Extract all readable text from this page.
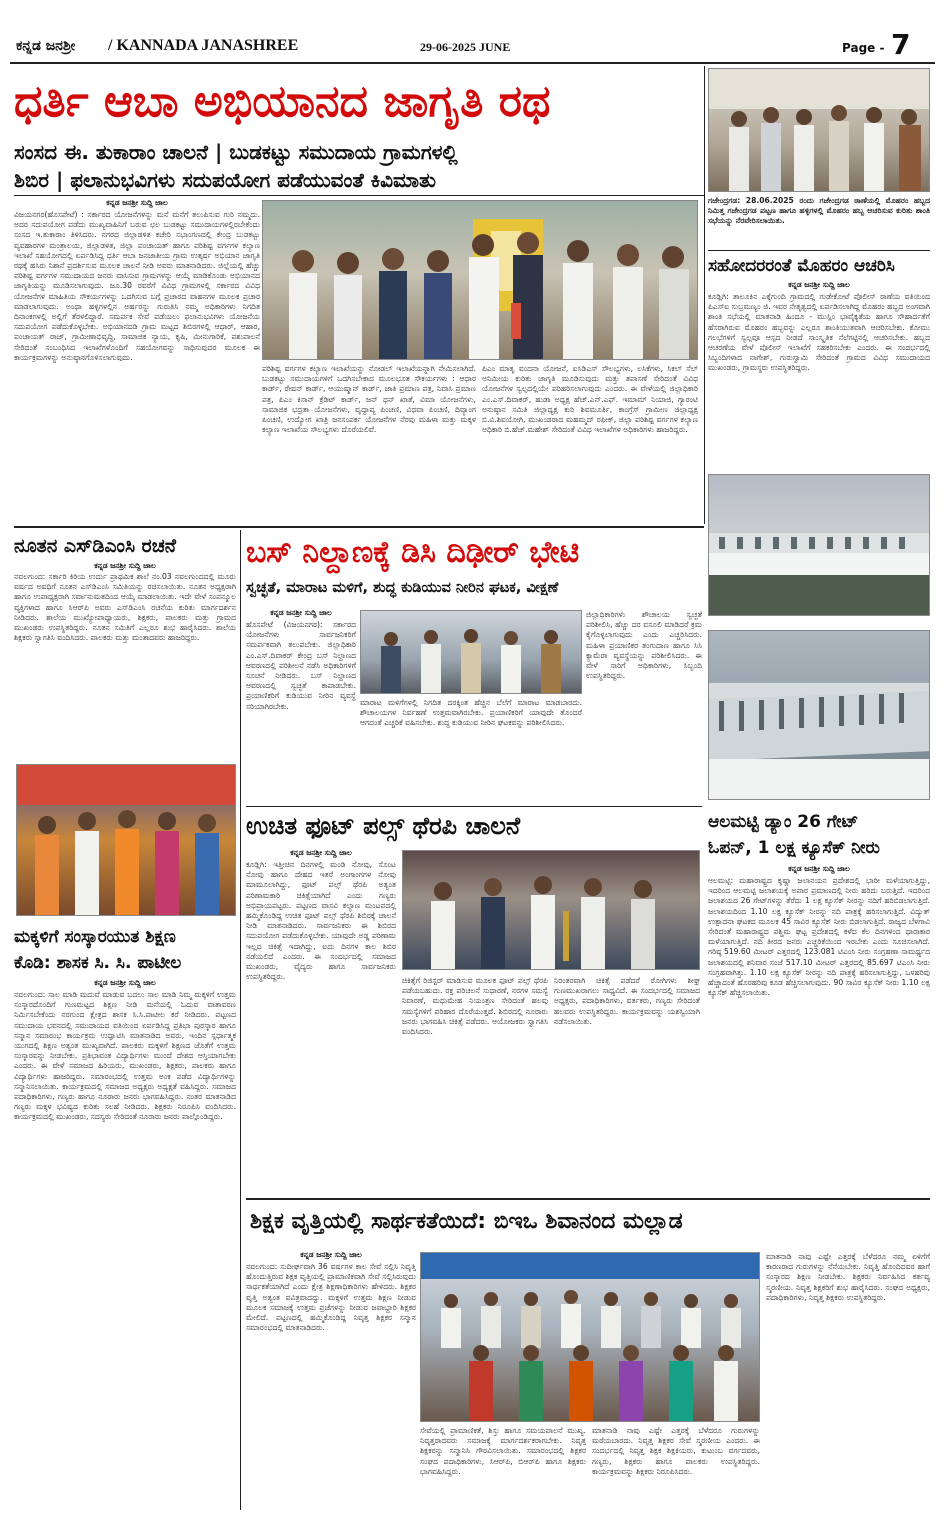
ಕನ್ನಡ ಜನಶ್ರೀ / KANNADA JANASHREE	29-06-2025 JUNE	Page - 7
ಧರ್ತಿ ಆಬಾ ಅಭಿಯಾನದ ಜಾಗೃತಿ ರಥ
ಸಂಸದ ಈ. ತುಕಾರಾಂ ಚಾಲನೆ | ಬುಡಕಟ್ಟು ಸಮುದಾಯ ಗ್ರಾಮಗಳಲ್ಲಿ
ಶಿಬಿರ | ಫಲಾನುಭವಿಗಳು ಸದುಪಯೋಗ ಪಡೆಯುವಂತೆ ಕಿವಿಮಾತು
ಕನ್ನಡ ಜನಶ್ರೀ ಸುದ್ದಿ ಜಾಲ
ವಿಜಯನಗರ(ಹೊಸಪೇಟೆ) : ಸರ್ಕಾರದ ಯೋಜನೆಗಳನ್ನು ಮನೆ ಮನೆಗೆ ತಲುಪಿಸುವ ಗುರಿ ನಮ್ಮದು. ಅದರ ಸದುಪಯೋಗ ಪಡೆದು ಮುಖ್ಯವಾಹಿನಿಗೆ ಬರುವ ಛಲ ಬುಡಕಟ್ಟು ಸಮುದಾಯಗಳಲ್ಲಿರಬೇಕೆಂದು ಸಂಸದ ಇ.ತುಕಾರಾಂ ತಿಳಿಸಿದರು. ನಗರದ ಜಿಲ್ಲಾಡಳಿತ ಕಚೇರಿ ಸಭಾಂಗಣದಲ್ಲಿ ಕೇಂದ್ರ ಬುಡಕಟ್ಟು ವ್ಯವಹಾರಗಳ ಮಂತ್ರಾಲಯ, ಜಿಲ್ಲಾಡಳಿತ, ಜಿಲ್ಲಾ ಪಂಚಾಯತ್ ಹಾಗೂ ಪರಿಶಿಷ್ಟ ವರ್ಗಗಳ ಕಲ್ಯಾಣ ಇಲಾಖೆ ಸಹಯೋಗದಲ್ಲಿ ಏರ್ಪಡಿಸಿದ್ದ ಧರ್ತಿ ಆಬಾ ಜನಜಾತೀಯ ಗ್ರಾಮ ಉತ್ಕರ್ಷ ಅಭಿಯಾನ ಜಾಗೃತಿ ರಥಕ್ಕೆ ಹಸಿರು ನಿಶಾನೆ ಪ್ರದರ್ಶಿಸುವ ಮೂಲಕ ಚಾಲನೆ ನೀಡಿ ಅವರು ಮಾತನಾಡಿದರು. ಜಿಲ್ಲೆಯಲ್ಲಿ ಹೆಚ್ಚು ಪರಿಶಿಷ್ಟ ವರ್ಗಗಳ ಸಮುದಾಯದ ಜನರು ವಾಸಿಸುವ ಗ್ರಾಮಗಳನ್ನು ಆಯ್ಕೆ ಮಾಡಿಕೊಂಡು ಅಭಿಯಾನದ ಜಾಗೃತಿಯನ್ನು ಮೂಡಿಸಲಾಗುವುದು. ಜೂ.30 ರವರೆಗೆ ವಿವಿಧ ಗ್ರಾಮಗಳಲ್ಲಿ ಸರ್ಕಾರದ ವಿವಿಧ ಯೋಜನೆಗಳ ಮಾಹಿತಿಯ ಸೌಕರ್ಯಗಳನ್ನು ಒದಗಿಸುವ ಬಗ್ಗೆ ಪ್ರಚಾರದ ವಾಹನಗಳ ಮೂಲಕ ಪ್ರಚಾರ ಮಾಡಲಾಗುವುದು. ಅಂಥಾ ಹಳ್ಳಿಗಳಲ್ಲಿನ ಅರ್ಹರನ್ನು ಗುರುತಿಸಿ ನಮ್ಮ ಅಧಿಕಾರಿಗಳು ನಿಗದಿತ ದಿನಾಂಕಗಳಲ್ಲಿ ಅಲ್ಲಿಗೆ ತೆರಳಲಿದ್ದಾರೆ. ಸಮರ್ಪಕ ಸೇವೆ ಪಡೆಯಲು ಫಲಾನುಭವಿಗಳು ಯೋಜನೆಯ ಸದುಪಯೋಗ ಪಡೆದುಕೊಳ್ಳಬೇಕು. ಅಭಿಯಾನದಡಿ ಗ್ರಾಮ ಮಟ್ಟದ ಶಿಬಿರಗಳಲ್ಲಿ ಆಧಾರ್, ಆಹಾರ, ಪಂಚಾಯತ್ ರಾಜ್, ಗ್ರಾಮೀಣಾಭಿವೃದ್ಧಿ, ಸಾಮಾಜಿಕ ನ್ಯಾಯ, ಕೃಷಿ, ಮೀನುಗಾರಿಕೆ, ಪಶುಪಾಲನೆ ಸೇರಿದಂತೆ ಸಂಬಂಧಿಸಿದ ಇಲಾಖೆಗಳೊಂದಿಗೆ ಸಹಯೋಗವನ್ನು ಸಾಧಿಸುವುದರ ಮೂಲಕ ಈ ಕಾರ್ಯಕ್ರಮಗಳನ್ನು ಅನುಷ್ಠಾನಗೊಳಿಸಲಾಗುವುದು.
ಪರಿಶಿಷ್ಟ ವರ್ಗಗಳ ಕಲ್ಯಾಣ ಇಲಾಖೆಯನ್ನು ನೋಡಲ್ ಇಲಾಖೆಯನ್ನಾಗಿ ನೇಮಿಸಲಾಗಿದೆ. ಬುಡಕಟ್ಟು ಸಮುದಾಯಗಳಿಗೆ ಒದಗಿಸಬೇಕಾದ ಮೂಲಭೂತ ಸೌಕರ್ಯಗಳು : ಆಧಾರ ಕಾರ್ಡ್, ರೇಷನ್ ಕಾರ್ಡ್, ಆಯುಷ್ಮಾನ್ ಕಾರ್ಡ್, ಜಾತಿ ಪ್ರಮಾಣ ಪತ್ರ, ನಿವಾಸಿ ಪ್ರಮಾಣ ಪತ್ರ, ಪಿಎಂ ಕಿಸಾನ್ ಕ್ರೆಡಿಟ್ ಕಾರ್ಡ್, ಜನ್ ಧನ್ ಖಾತೆ, ವಿಮಾ ಯೋಜನೆಗಳು, ಸಾಮಾಜಿಕ ಭದ್ರತಾ ಯೋಜನೆಗಳು, ವೃದ್ಧಾಪ್ಯ ಪಿಂಚಣಿ, ವಿಧವಾ ಪಿಂಚಣಿ, ದಿವ್ಯಾಂಗ ಪಿಂಚಣಿ, ಉದ್ಯೋಗ ಖಾತ್ರಿ ಜನಸಂಪರ್ಕ ಯೋಜನೆಗಳ ನೆರವು ಮಹಿಳಾ ಮತ್ತು ಮಕ್ಕಳ ಕಲ್ಯಾಣ ಇಲಾಖೆಯ ಸೌಲಭ್ಯಗಳು ದೊರೆಯಲಿವೆ.
ಪಿಎಂ ಮಾತೃ ವಂದನಾ ಯೋಜನೆ, ಐಸಿಡಿಎಸ್ ಸೌಲಭ್ಯಗಳು, ಲಸಿಕೆಗಳು, ಸಿಕಲ್ ಸೆಲ್ ಅನಿಮೀಯ ಕುರಿತು ಜಾಗೃತಿ ಮೂಡಿಸುವುದು ಮತ್ತು ತಪಾಸಣೆ ಸೇರಿದಂತೆ ವಿವಿಧ ಯೋಜನೆಗಳ ಸ್ವಲ್ಪದಲ್ಲಿಯೇ ಪರಿಹರಿಸಲಾಗುವುದು ಎಂದರು. ಈ ವೇಳೆಯಲ್ಲಿ ಜಿಲ್ಲಾಧಿಕಾರಿ ಎಂ.ಎಸ್.ದಿವಾಕರ್, ಹುಡಾ ಅಧ್ಯಕ್ಷ ಹೆಚ್.ಎನ್.ಎಫ್. ಇಮಾಮ್ ನಿಯಾಜಿ, ಗ್ಯಾರಂಟಿ ಅನುಷ್ಠಾನ ಸಮಿತಿ ಜಿಲ್ಲಾಧ್ಯಕ್ಷ ಕುರಿ ಶಿವಮೂರ್ತಿ, ಕಾಂಗ್ರೆಸ್ ಗ್ರಾಮೀಣ ಜಿಲ್ಲಾಧ್ಯಕ್ಷ ಬಿ.ವಿ.ಶಿವಯೋಗಿ, ಮುಖಂಡರಾದ ಮಹಮ್ಮದ್ ರಫೀಕ್, ಜಿಲ್ಲಾ ಪರಿಶಿಷ್ಟ ವರ್ಗಗಳ ಕಲ್ಯಾಣ ಅಧಿಕಾರಿ ಬಿ.ಹೆಚ್.ಮಹೇಶ್ ಸೇರಿದಂತೆ ವಿವಿಧ ಇಲಾಖೆಗಳ ಅಧಿಕಾರಿಗಳು ಹಾಜರಿದ್ದರು.
ಗಜೇಂದ್ರಗಡ: 28.06.2025 ರಂದು ಗಜೇಂದ್ರಗಡ ಠಾಣೆಯಲ್ಲಿ ಮೊಹರಂ ಹಬ್ಬದ ನಿಮಿತ್ತ ಗಜೇಂದ್ರಗಡ ಪಟ್ಟಣ ಹಾಗೂ ಹಳ್ಳಿಗಳಲ್ಲಿ ಮೊಹರಂ ಹಬ್ಬ ಆಚರಿಸುವ ಕುರಿತು ಶಾಂತಿ ಸಭೆಯನ್ನು ನೆರವೇರಿಸಲಾಯಿತು.
ಸಹೋದರರಂತೆ ಮೊಹರಂ ಆಚರಿಸಿ
ಕನ್ನಡ ಜನಶ್ರೀ ಸುದ್ದಿ ಜಾಲ
ಕೂಡ್ಲಿಗಿ: ತಾಲೂಕಿನ ಎಕ್ಕೆಗುಂದಿ ಗ್ರಾಮದಲ್ಲಿ ಗುಡೇಕೋಟೆ ಪೊಲೀಸ್ ಠಾಣೆಯ ವತಿಯಿಂದ ಪಿಎಸ್ಐ ಸುಬ್ರಮಣ್ಯಂ ಜಿ. ಇವರ ನೇತೃತ್ವದಲ್ಲಿ ಏರ್ಪಡಿಸಲಾಗಿದ್ದ ಮೊಹರಂ ಹಬ್ಬದ ಅಂಗವಾಗಿ ಶಾಂತಿ ಸಭೆಯಲ್ಲಿ ಮಾತನಾಡಿ ಹಿಂದೂ - ಮುಸ್ಲಿಂ ಭಾವೈಕ್ಯತೆಯ ಹಾಗೂ ಸೌಹಾರ್ದತೆಗೆ ಹೆಸರಾಗಿರುವ ಮೊಹರಂ ಹಬ್ಬವನ್ನು ಎಲ್ಲರೂ ಶಾಂತಿಯುತವಾಗಿ ಆಚರಿಸಬೇಕು. ಕೋಮು ಗಲಭೆಗಳಿಗೆ ಸ್ವಲ್ಪವೂ ಆಸ್ಪದ ನೀಡದೆ ಸಾಂಸ್ಕೃತಿಕ ನೆಲೆಗಟ್ಟಿನಲ್ಲಿ ಆಚರಿಸಬೇಕು. ಹಬ್ಬದ ಆಚರಣೆಯ ವೇಳೆ ಪೊಲೀಸ್ ಇಲಾಖೆಗೆ ಸಹಕರಿಸಬೇಕು ಎಂದರು. ಈ ಸಂದರ್ಭದಲ್ಲಿ ಸಿಬ್ಬಂದಿಗಳಾದ ನಾಗೇಶ್, ಗುರುಸ್ವಾಮಿ ಸೇರಿದಂತೆ ಗ್ರಾಮದ ವಿವಿಧ ಸಮುದಾಯದ ಮುಖಂಡರು, ಗ್ರಾಮಸ್ಥರು ಉಪಸ್ಥಿತರಿದ್ದರು.
ಆಲಮಟ್ಟಿ ಡ್ಯಾಂ 26 ಗೇಟ್
ಓಪನ್, 1 ಲಕ್ಷ ಕ್ಯೂಸೆಕ್ ನೀರು
ಕನ್ನಡ ಜನಶ್ರೀ ಸುದ್ದಿ ಜಾಲ
ಆಲಮಟ್ಟಿ: ಮಹಾರಾಷ್ಟ್ರದ ಕೃಷ್ಣಾ ಜಲಾನಯನ ಪ್ರದೇಶದಲ್ಲಿ ಭಾರೀ ಮಳೆಯಾಗುತ್ತಿದ್ದು, ಇದರಿಂದ ಆಲಮಟ್ಟಿ ಜಲಾಶಯಕ್ಕೆ ಅಪಾರ ಪ್ರಮಾಣದಲ್ಲಿ ನೀರು ಹರಿದು ಬರುತ್ತಿದೆ. ಇದರಿಂದ ಜಲಾಶಯದ 26 ಗೇಟ್‌ಗಳನ್ನು ತೆರೆದು 1 ಲಕ್ಷ ಕ್ಯೂಸೆಕ್ ನೀರನ್ನು ನದಿಗೆ ಹರಿಬಿಡಲಾಗುತ್ತಿದೆ. ಜಲಾಶಯದಿಂದ 1.10 ಲಕ್ಷ ಕ್ಯೂಸೆಕ್ ನೀರನ್ನು ನದಿ ಪಾತ್ರಕ್ಕೆ ಹರಿಸಲಾಗುತ್ತಿದೆ. ವಿದ್ಯುತ್ ಉತ್ಪಾದನಾ ಘಟಕದ ಮೂಲಕ 45 ಸಾವಿರ ಕ್ಯೂಸೆಕ್ ನೀರು ಬಿಡಲಾಗುತ್ತಿದೆ. ರಾಜ್ಯದ ಬೆಳಗಾವಿ ಸೇರಿದಂತೆ ಮಹಾರಾಷ್ಟ್ರದ ಪಶ್ಚಿಮ ಘಟ್ಟ ಪ್ರದೇಶದಲ್ಲಿ ಕಳೆದ ಕೆಲ ದಿನಗಳಿಂದ ಧಾರಾಕಾರ ಮಳೆಯಾಗುತ್ತಿದೆ. ನದಿ ತೀರದ ಜನರು ಎಚ್ಚರಿಕೆಯಿಂದ ಇರಬೇಕು ಎಂದು ಸೂಚಿಸಲಾಗಿದೆ. ಗರಿಷ್ಠ 519.60 ಮೀಟರ್ ಎತ್ತರದಲ್ಲಿ 123.081 ಟಿಎಂಸಿ ನೀರು ಸಂಗ್ರಹಣಾ ಸಾಮರ್ಥ್ಯದ ಜಲಾಶಯದಲ್ಲಿ ಶನಿವಾರ ಸಂಜೆ 517.10 ಮೀಟರ್ ಎತ್ತರದಲ್ಲಿ 85.697 ಟಿಎಂಸಿ ನೀರು ಸಂಗ್ರಹವಾಗಿತ್ತು. 1.10 ಲಕ್ಷ ಕ್ಯೂಸೆಕ್ ನೀರನ್ನು ನದಿ ಪಾತ್ರಕ್ಕೆ ಹರಿಸಲಾಗುತ್ತಿದ್ದು, ಒಳಹರಿವು ಹೆಚ್ಚಾದಂತೆ ಹೊರಹರಿವು ಕೂಡ ಹೆಚ್ಚಿಸಲಾಗುವುದು. 90 ಸಾವಿರ ಕ್ಯೂಸೆಕ್ ನೀರು 1.10 ಲಕ್ಷ ಕ್ಯೂಸೆಕ್ ಹೆಚ್ಚಿಸಲಾಯಿತು.
ನೂತನ ಎಸ್‌ಡಿಎಂಸಿ ರಚನೆ
ಕನ್ನಡ ಜನಶ್ರೀ ಸುದ್ದಿ ಜಾಲ
ನವಲಗುಂದ: ಸರ್ಕಾರಿ ಕಿರಿಯ ಉರ್ದು ಪ್ರಾಥಮಿಕ ಶಾಲೆ ನಂ.03 ನವಲಗುಂದದಲ್ಲಿ ಮೂರು ವರ್ಷದ ಅವಧಿಗೆ ನೂತನ ಎಸ್‌ಡಿಎಂಸಿ ಸಮಿತಿಯನ್ನು ರಚಿಸಲಾಯಿತು. ನೂತನ ಅಧ್ಯಕ್ಷರಾಗಿ ಹಾಗೂ ಉಪಾಧ್ಯಕ್ಷರಾಗಿ ಸರ್ವಾನುಮತದಿಂದ ಆಯ್ಕೆ ಮಾಡಲಾಯಿತು. ಇದೇ ವೇಳೆ ಸಂಪನ್ಮೂಲ ವ್ಯಕ್ತಿಗಳಾದ ಹಾಗೂ ಸಿಆರ್‌ಪಿ ಅವರು ಎಸ್‌ಡಿಎಂಸಿ ರಚನೆಯ ಕುರಿತು ಮಾರ್ಗದರ್ಶನ ನೀಡಿದರು. ಶಾಲೆಯ ಮುಖ್ಯೋಪಾಧ್ಯಾಯರು, ಶಿಕ್ಷಕರು, ಪಾಲಕರು ಮತ್ತು ಗ್ರಾಮದ ಮುಖಂಡರು ಉಪಸ್ಥಿತರಿದ್ದರು. ನೂತನ ಸಮಿತಿಗೆ ಎಲ್ಲರೂ ಶುಭ ಹಾರೈಸಿದರು. ಶಾಲೆಯ ಶಿಕ್ಷಕರು ಸ್ವಾಗತಿಸಿ ವಂದಿಸಿದರು. ಪಾಲಕರು ಮತ್ತು ಮಂತಾದವರು ಹಾಜರಿದ್ದರು.
ಮಕ್ಕಳಿಗೆ ಸಂಸ್ಕಾರಯುತ ಶಿಕ್ಷಣ
ಕೊಡಿ: ಶಾಸಕ ಸಿ. ಸಿ. ಪಾಟೀಲ
ಕನ್ನಡ ಜನಶ್ರೀ ಸುದ್ದಿ ಜಾಲ
ನವಲಗುಂದ: ಸಾಲ ಮಾಡಿ ಮದುವೆ ಮಾಡುವ ಬದಲು ಸಾಲ ಮಾಡಿ ನಿಮ್ಮ ಮಕ್ಕಳಿಗೆ ಉತ್ತಮ ಸಂಸ್ಕಾರದೊಂದಿಗೆ ಗುಣಮಟ್ಟದ ಶಿಕ್ಷಣ ನೀಡಿ ಮನೆಯಲ್ಲಿ ಓದುವ ವಾತಾವರಣ ನಿರ್ಮಿಸಬೇಕೆಂದು ನರಗುಂದ ಕ್ಷೇತ್ರದ ಶಾಸಕ ಸಿ.ಸಿ.ಪಾಟೀಲ ಕರೆ ನೀಡಿದರು. ಪಟ್ಟಣದ ಸಮುದಾಯ ಭವನದಲ್ಲಿ ಸಮುದಾಯದ ವತಿಯಿಂದ ಏರ್ಪಡಿಸಿದ್ದ ಪ್ರತಿಭಾ ಪುರಸ್ಕಾರ ಹಾಗೂ ಸನ್ಮಾನ ಸಮಾರಂಭ ಕಾರ್ಯಕ್ರಮ ಉದ್ಘಾಟಿಸಿ ಮಾತನಾಡಿದ ಅವರು, ಇಂದಿನ ಸ್ಪರ್ಧಾತ್ಮಕ ಯುಗದಲ್ಲಿ ಶಿಕ್ಷಣ ಅತ್ಯಂತ ಮುಖ್ಯವಾಗಿದೆ. ಪಾಲಕರು ಮಕ್ಕಳಿಗೆ ಶಿಕ್ಷಣದ ಜೊತೆಗೆ ಉತ್ತಮ ಸಂಸ್ಕಾರವನ್ನು ನೀಡಬೇಕು. ಪ್ರತಿಭಾವಂತ ವಿದ್ಯಾರ್ಥಿಗಳು ಮುಂದೆ ದೇಶದ ಆಸ್ತಿಯಾಗಬೇಕು ಎಂದರು. ಈ ವೇಳೆ ಸಮಾಜದ ಹಿರಿಯರು, ಮುಖಂಡರು, ಶಿಕ್ಷಕರು, ಪಾಲಕರು ಹಾಗೂ ವಿದ್ಯಾರ್ಥಿಗಳು ಹಾಜರಿದ್ದರು. ಸಮಾರಂಭದಲ್ಲಿ ಉತ್ತಮ ಅಂಕ ಪಡೆದ ವಿದ್ಯಾರ್ಥಿಗಳನ್ನು ಸನ್ಮಾನಿಸಲಾಯಿತು. ಕಾರ್ಯಕ್ರಮದಲ್ಲಿ ಸಮಾಜದ ಅಧ್ಯಕ್ಷರು ಅಧ್ಯಕ್ಷತೆ ವಹಿಸಿದ್ದರು. ಸಮಾಜದ ಪದಾಧಿಕಾರಿಗಳು, ಗಣ್ಯರು ಹಾಗೂ ನೂರಾರು ಜನರು ಭಾಗವಹಿಸಿದ್ದರು. ನಂತರ ಮಾತನಾಡಿದ ಗಣ್ಯರು ಮಕ್ಕಳ ಭವಿಷ್ಯದ ಕುರಿತು ಸಲಹೆ ನೀಡಿದರು. ಶಿಕ್ಷಕರು ನಿರೂಪಿಸಿ ವಂದಿಸಿದರು. ಕಾರ್ಯಕ್ರಮದಲ್ಲಿ ಮುಖಂಡರು, ಸದಸ್ಯರು ಸೇರಿದಂತೆ ನೂರಾರು ಜನರು ಪಾಲ್ಗೊಂಡಿದ್ದರು.
ಬಸ್ ನಿಲ್ದಾಣಕ್ಕೆ ಡಿಸಿ ದಿಢೀರ್ ಭೇಟಿ
ಸ್ವಚ್ಛತೆ, ಮಾರಾಟ ಮಳಿಗೆ, ಶುದ್ಧ ಕುಡಿಯುವ ನೀರಿನ ಘಟಕ, ವೀಕ್ಷಣೆ
ಕನ್ನಡ ಜನಶ್ರೀ ಸುದ್ದಿ ಜಾಲ
ಹೊಸಪೇಟೆ (ವಿಜಯನಗರ): ಸರ್ಕಾರದ ಯೋಜನೆಗಳು ಸಾರ್ವಜನಿಕರಿಗೆ ಸಮರ್ಪಕವಾಗಿ ತಲುಪಬೇಕು. ಜಿಲ್ಲಾಧಿಕಾರಿ ಎಂ.ಎಸ್.ದಿವಾಕರ್ ಕೇಂದ್ರ ಬಸ್ ನಿಲ್ದಾಣದ ಆವರಣದಲ್ಲಿ ಪರಿಶೀಲನೆ ನಡೆಸಿ ಅಧಿಕಾರಿಗಳಿಗೆ ಸೂಚನೆ ನೀಡಿದರು. ಬಸ್ ನಿಲ್ದಾಣದ ಆವರಣದಲ್ಲಿ ಸ್ವಚ್ಛತೆ ಕಾಪಾಡಬೇಕು. ಪ್ರಯಾಣಿಕರಿಗೆ ಕುಡಿಯುವ ನೀರಿನ ವ್ಯವಸ್ಥೆ ಸರಿಯಾಗಿರಬೇಕು.	ಮಾರಾಟ ಮಳಿಗೆಗಳಲ್ಲಿ ನಿಗದಿತ ದರಕ್ಕಿಂತ ಹೆಚ್ಚಿನ ಬೆಲೆಗೆ ಮಾರಾಟ ಮಾಡಬಾರದು. ಶೌಚಾಲಯಗಳ ನಿರ್ವಹಣೆ ಉತ್ತಮವಾಗಿರಬೇಕು. ಪ್ರಯಾಣಿಕರಿಗೆ ಯಾವುದೇ ತೊಂದರೆ ಆಗದಂತೆ ಎಚ್ಚರಿಕೆ ವಹಿಸಬೇಕು. ಶುದ್ಧ ಕುಡಿಯುವ ನೀರಿನ ಘಟಕವನ್ನು ಪರಿಶೀಲಿಸಿದರು.
ಜಿಲ್ಲಾಧಿಕಾರಿಗಳು ಶೌಚಾಲಯ ಸ್ವಚ್ಛತೆ ಪರಿಶೀಲಿಸಿ, ಹೆಚ್ಚು ದರ ವಸೂಲಿ ಮಾಡಿದರೆ ಕ್ರಮ ಕೈಗೊಳ್ಳಲಾಗುವುದು ಎಂದು ಎಚ್ಚರಿಸಿದರು. ಮಹಿಳಾ ಪ್ರಯಾಣಿಕರ ತಂಗುದಾಣ ಹಾಗೂ ಸಿಸಿ ಕ್ಯಾಮೆರಾ ವ್ಯವಸ್ಥೆಯನ್ನು ಪರಿಶೀಲಿಸಿದರು. ಈ ವೇಳೆ ಸಾರಿಗೆ ಅಧಿಕಾರಿಗಳು, ಸಿಬ್ಬಂದಿ ಉಪಸ್ಥಿತರಿದ್ದರು.
ಉಚಿತ ಫೂಟ್ ಪಲ್ಸ್ ಥೆರಪಿ ಚಾಲನೆ
ಕನ್ನಡ ಜನಶ್ರೀ ಸುದ್ದಿ ಜಾಲ
ಕೂಡ್ಲಿಗಿ: ಇತ್ತೀಚಿನ ದಿನಗಳಲ್ಲಿ ಮಂಡಿ ನೋವು, ಸೊಂಟ ನೋವು ಹಾಗೂ ದೇಹದ ಇತರೆ ಅಂಗಾಂಗಗಳ ನೋವು ಮಾಮೂಲಾಗಿದ್ದು, ಫೂಟ್ ಪಲ್ಸ್ ಥೆರಪಿ ಅತ್ಯಂತ ಪರಿಣಾಮಕಾರಿ ಚಿಕಿತ್ಸೆಯಾಗಿದೆ ಎಂದು ಗಣ್ಯರು ಅಭಿಪ್ರಾಯಪಟ್ಟರು. ಪಟ್ಟಣದ ವಾಸವಿ ಕಲ್ಯಾಣ ಮಂಟಪದಲ್ಲಿ ಹಮ್ಮಿಕೊಂಡಿದ್ದ ಉಚಿತ ಫೂಟ್ ಪಲ್ಸ್ ಥೆರಪಿ ಶಿಬಿರಕ್ಕೆ ಚಾಲನೆ ನೀಡಿ ಮಾತನಾಡಿದರು. ಸಾರ್ವಜನಿಕರು ಈ ಶಿಬಿರದ ಸದುಪಯೋಗ ಪಡೆದುಕೊಳ್ಳಬೇಕು. ಯಾವುದೇ ಅಡ್ಡ ಪರಿಣಾಮ ಇಲ್ಲದ ಚಿಕಿತ್ಸೆ ಇದಾಗಿದ್ದು, ಐದು ದಿನಗಳ ಕಾಲ ಶಿಬಿರ ನಡೆಯಲಿದೆ ಎಂದರು. ಈ ಸಂದರ್ಭದಲ್ಲಿ ಸಮಾಜದ ಮುಖಂಡರು, ವೈದ್ಯರು ಹಾಗೂ ಸಾರ್ವಜನಿಕರು ಉಪಸ್ಥಿತರಿದ್ದರು.	ಚಿಕಿತ್ಸೆಗೆ ರಿಜಿಸ್ಟರ್ ಮಾಡಿಸುವ ಮೂಲಕ ಫೂಟ್ ಪಲ್ಸ್ ಥೆರಪಿ ಪಡೆಯಬಹುದು. ರಕ್ತ ಪರಿಚಲನೆ ಸುಧಾರಣೆ, ನರಗಳ ಸಮಸ್ಯೆ ನಿವಾರಣೆ, ಮಧುಮೇಹ ನಿಯಂತ್ರಣ ಸೇರಿದಂತೆ ಹಲವು ಸಮಸ್ಯೆಗಳಿಗೆ ಪರಿಹಾರ ದೊರೆಯುತ್ತದೆ. ಶಿಬಿರದಲ್ಲಿ ನೂರಾರು ಜನರು ಭಾಗವಹಿಸಿ ಚಿಕಿತ್ಸೆ ಪಡೆದರು. ಆಯೋಜಕರು ಸ್ವಾಗತಿಸಿ ವಂದಿಸಿದರು.
ನಿರಂತರವಾಗಿ ಚಿಕಿತ್ಸೆ ಪಡೆದರೆ ರೋಗಿಗಳು ಶೀಘ್ರ ಗುಣಮುಖರಾಗಲು ಸಾಧ್ಯವಿದೆ. ಈ ಸಂದರ್ಭದಲ್ಲಿ ಸಮಾಜದ ಅಧ್ಯಕ್ಷರು, ಪದಾಧಿಕಾರಿಗಳು, ವರ್ತಕರು, ಗಣ್ಯರು ಸೇರಿದಂತೆ ಹಲವರು ಉಪಸ್ಥಿತರಿದ್ದರು. ಕಾರ್ಯಕ್ರಮವನ್ನು ಯಶಸ್ವಿಯಾಗಿ ನಡೆಸಲಾಯಿತು.
ಶಿಕ್ಷಕ ವೃತ್ತಿಯಲ್ಲಿ ಸಾರ್ಥಕತೆಯಿದೆ: ಬಿಇಒ ಶಿವಾನಂದ ಮಲ್ಲಾಡ
ಕನ್ನಡ ಜನಶ್ರೀ ಸುದ್ದಿ ಜಾಲ
ನವಲಗುಂದ: ಸುದೀರ್ಘವಾಗಿ 36 ವರ್ಷಗಳ ಕಾಲ ಸೇವೆ ಸಲ್ಲಿಸಿ ನಿವೃತ್ತಿ ಹೊಂದುತ್ತಿರುವ ಶಿಕ್ಷಕ ವೃತ್ತಿಯಲ್ಲಿ ಪ್ರಾಮಾಣಿಕವಾಗಿ ಸೇವೆ ಸಲ್ಲಿಸಿರುವುದು ಸಾರ್ಥಕತೆಯಾಗಿದೆ ಎಂದು ಕ್ಷೇತ್ರ ಶಿಕ್ಷಣಾಧಿಕಾರಿಗಳು ಹೇಳಿದರು. ಶಿಕ್ಷಕರ ವೃತ್ತಿ ಅತ್ಯಂತ ಪವಿತ್ರವಾದದ್ದು. ಮಕ್ಕಳಿಗೆ ಉತ್ತಮ ಶಿಕ್ಷಣ ನೀಡುವ ಮೂಲಕ ಸಮಾಜಕ್ಕೆ ಉತ್ತಮ ಪ್ರಜೆಗಳನ್ನು ನೀಡುವ ಜವಾಬ್ದಾರಿ ಶಿಕ್ಷಕರ ಮೇಲಿದೆ. ಪಟ್ಟಣದಲ್ಲಿ ಹಮ್ಮಿಕೊಂಡಿದ್ದ ನಿವೃತ್ತ ಶಿಕ್ಷಕರ ಸನ್ಮಾನ ಸಮಾರಂಭದಲ್ಲಿ ಮಾತನಾಡಿದರು.
ಸೇವೆಯಲ್ಲಿ ಪ್ರಾಮಾಣಿಕತೆ, ಶಿಸ್ತು ಹಾಗೂ ಸಮಯಪಾಲನೆ ಮುಖ್ಯ. ನಿವೃತ್ತರಾದವರು ಸಮಾಜಕ್ಕೆ ಮಾರ್ಗದರ್ಶಕರಾಗಬೇಕು. ನಿವೃತ್ತ ಶಿಕ್ಷಕರನ್ನು ಸನ್ಮಾನಿಸಿ ಗೌರವಿಸಲಾಯಿತು. ಸಮಾರಂಭದಲ್ಲಿ ಶಿಕ್ಷಕರ ಸಂಘದ ಪದಾಧಿಕಾರಿಗಳು, ಸಿಆರ್‌ಪಿ, ಬಿಆರ್‌ಪಿ ಹಾಗೂ ಶಿಕ್ಷಕರು ಭಾಗವಹಿಸಿದ್ದರು.
ಮಾತನಾಡಿ ನಾವು ಎಷ್ಟೇ ಎತ್ತರಕ್ಕೆ ಬೆಳೆದರೂ ಗುರುಗಳನ್ನು ಮರೆಯಬಾರದು. ನಿವೃತ್ತ ಶಿಕ್ಷಕರ ಸೇವೆ ಸ್ಮರಣೀಯ ಎಂದರು. ಈ ಸಂದರ್ಭದಲ್ಲಿ ನಿವೃತ್ತ ಶಿಕ್ಷಕ ಶಿಕ್ಷಕಿಯರು, ಕುಟುಂಬ ವರ್ಗದವರು, ಗಣ್ಯರು, ಶಿಕ್ಷಕರು ಹಾಗೂ ಪಾಲಕರು ಉಪಸ್ಥಿತರಿದ್ದರು. ಕಾರ್ಯಕ್ರಮವನ್ನು ಶಿಕ್ಷಕರು ನಿರೂಪಿಸಿದರು.
ಮಾತನಾಡಿ ನಾವು ಎಷ್ಟೇ ಎತ್ತರಕ್ಕೆ ಬೆಳೆದರೂ ನಮ್ಮ ಏಳಿಗೆಗೆ ಕಾರಣರಾದ ಗುರುಗಳನ್ನು ನೆನೆಯಬೇಕು. ನಿವೃತ್ತಿ ಹೊಂದಿದವರ ಹಾಗೆ ಸಂಸ್ಕಾರದ ಶಿಕ್ಷಣ ನೀಡಬೇಕು. ಶಿಕ್ಷಕರು ನಿರ್ವಹಿಸಿದ ಕರ್ತವ್ಯ ಸ್ಮರಣೀಯ. ನಿವೃತ್ತ ಶಿಕ್ಷಕರಿಗೆ ಶುಭ ಹಾರೈಸಿದರು. ಸಂಘದ ಅಧ್ಯಕ್ಷರು, ಪದಾಧಿಕಾರಿಗಳು, ನಿವೃತ್ತ ಶಿಕ್ಷಕರು ಉಪಸ್ಥಿತರಿದ್ದರು.
